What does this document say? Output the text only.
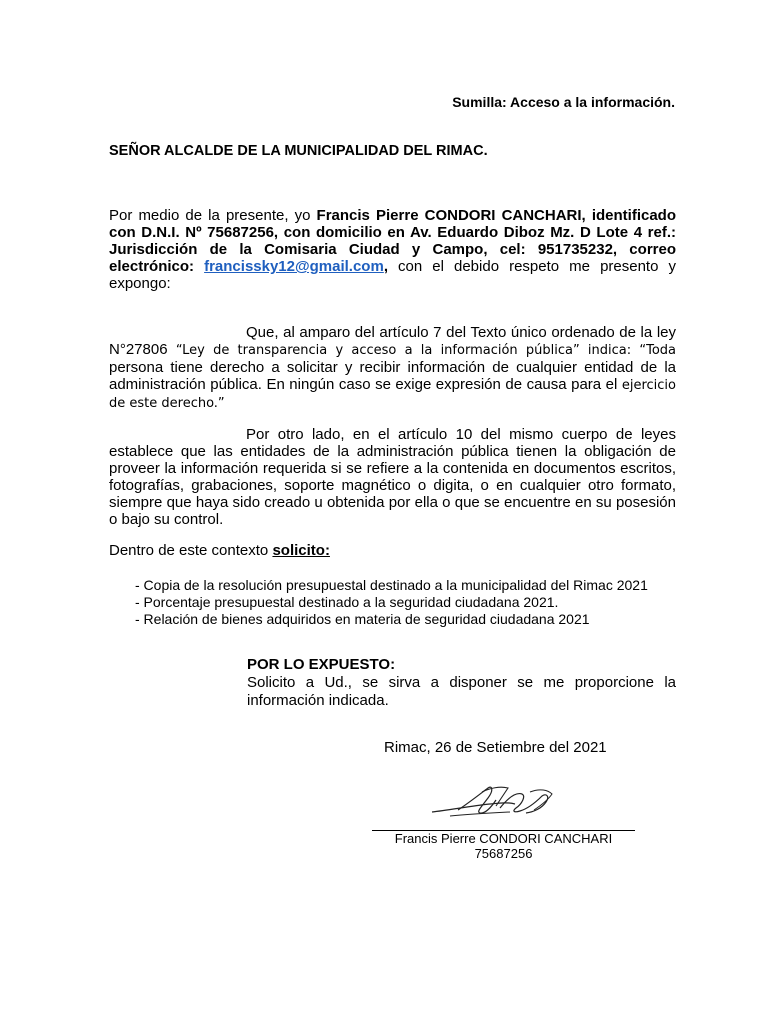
Sumilla: Acceso a la información.
SEÑOR ALCALDE DE LA MUNICIPALIDAD DEL RIMAC.
Por medio de la presente, yo Francis Pierre CONDORI CANCHARI, identificado con D.N.I. Nº 75687256, con domicilio en Av. Eduardo Diboz Mz. D Lote 4 ref.: Jurisdicción de la Comisaria Ciudad y Campo, cel: 951735232, correo electrónico: francissky12@gmail.com, con el debido respeto me presento y expongo:
Que, al amparo del artículo 7 del Texto único ordenado de la ley N°27806 “Ley de transparencia y acceso a la información pública” indica: “Toda persona tiene derecho a solicitar y recibir información de cualquier entidad de la administración pública. En ningún caso se exige expresión de causa para el ejercicio de este derecho.”
Por otro lado, en el artículo 10 del mismo cuerpo de leyes establece que las entidades de la administración pública tienen la obligación de proveer la información requerida si se refiere a la contenida en documentos escritos, fotografías, grabaciones, soporte magnético o digita, o en cualquier otro formato, siempre que haya sido creado u obtenida por ella o que se encuentre en su posesión o bajo su control.
Dentro de este contexto solicito:
- Copia de la resolución presupuestal destinado a la municipalidad del Rimac 2021
- Porcentaje presupuestal destinado a la seguridad ciudadana 2021.
- Relación de bienes adquiridos en materia de seguridad ciudadana 2021
POR LO EXPUESTO:
Solicito a Ud., se sirva a disponer se me proporcione la información indicada.
Rimac, 26 de Setiembre del 2021
Francis Pierre CONDORI CANCHARI
75687256
